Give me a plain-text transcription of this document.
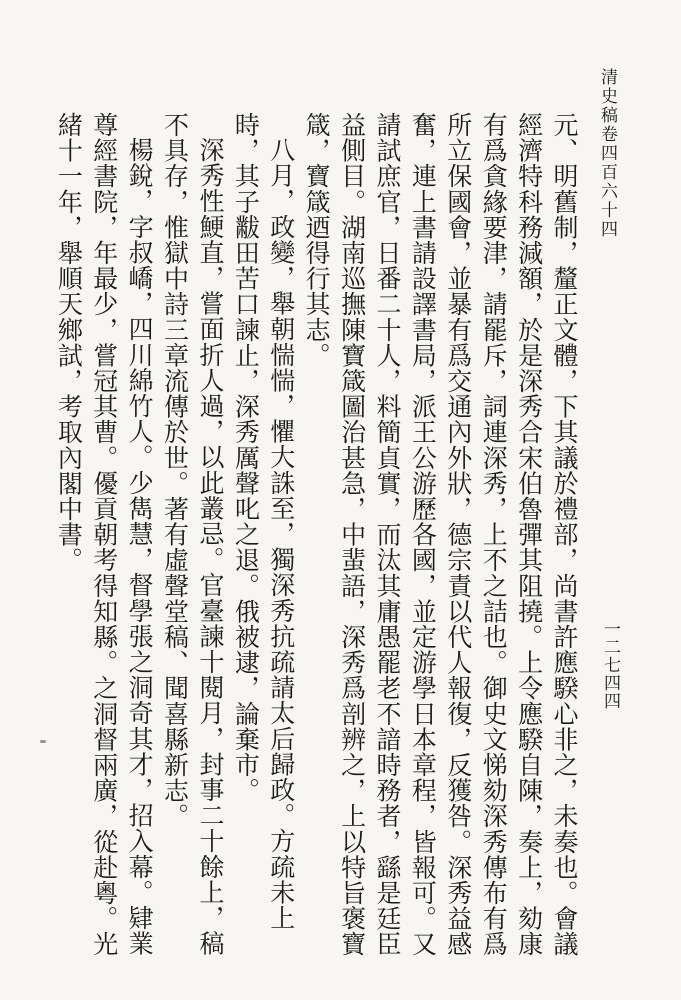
清史稿卷四百六十四
一二七四四

元、明舊制，釐正文體，下其議於禮部，尚書許應騤心非之，未奏也。會議經濟特科務減額，於是深秀合宋伯魯彈其阻撓。上令應騤自陳，奏上，劾康有爲貪緣要津，請罷斥，詞連深秀，上不之詰也。御史文悌劾深秀傳布有爲所立保國會，並暴有爲交通內外狀，德宗責以代人報復，反獲咎。深秀益感奮，連上書請設譯書局，派王公游歷各國，並定游學日本章程，皆報可。又請試庶官，日番二十人，料簡貞實，而汰其庸愚罷老不諳時務者，繇是廷臣益側目。湖南巡撫陳寶箴圖治甚急，中蜚語，深秀爲剖辨之，上以特旨褒寶箴，寶箴迺得行其志。

八月，政變，舉朝惴惴，懼大誅至，獨深秀抗疏請太后歸政。方疏未上時，其子黻田苦口諫止，深秀厲聲叱之退。俄被逮，論棄市。

深秀性鯁直，嘗面折人過，以此叢忌。官臺諫十閱月，封事二十餘上，稿不具存，惟獄中詩三章流傳於世。著有虛聲堂稿、聞喜縣新志。

楊銳，字叔嶠，四川綿竹人。少雋慧，督學張之洞奇其才，招入幕。肄業尊經書院，年最少，嘗冠其曹。優貢朝考得知縣。之洞督兩廣，從赴粵。光緒十一年，舉順天鄉試，考取內閣中書。
